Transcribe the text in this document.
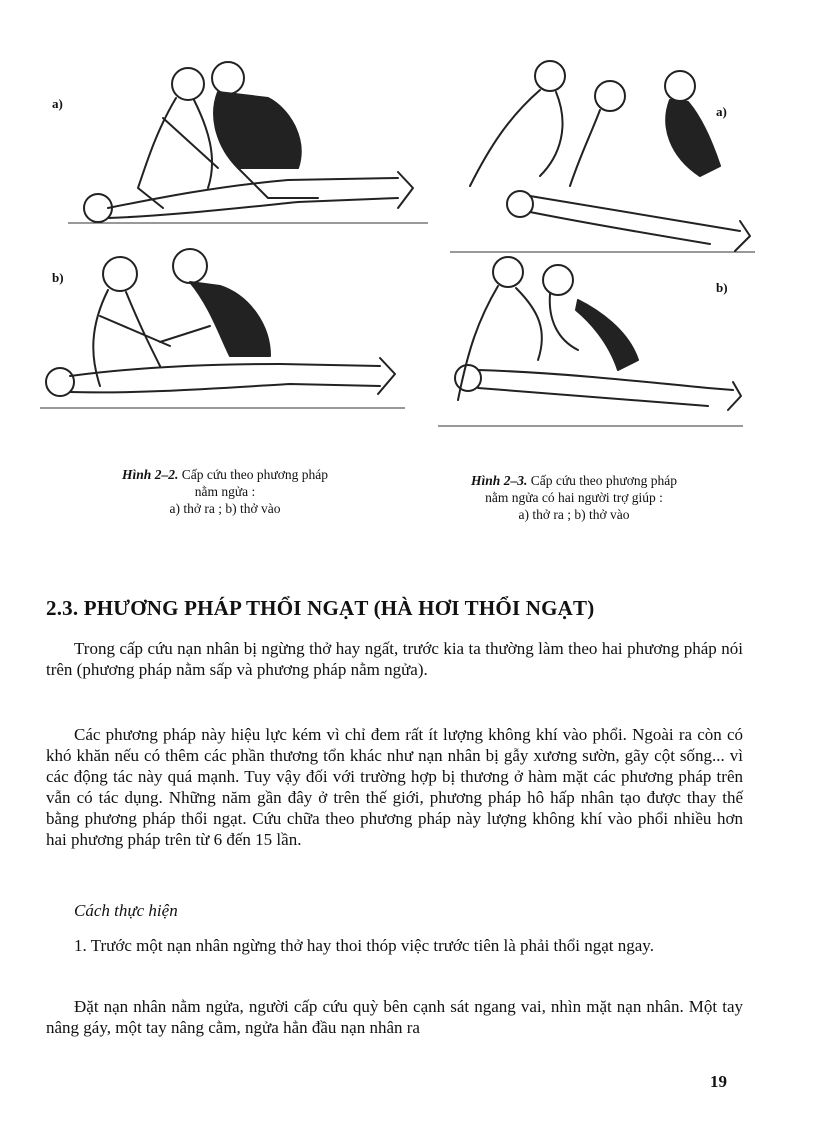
a)
b)
a)
b)
Hình 2–2. Cấp cứu theo phương pháp
nằm ngửa :
a) thở ra ; b) thở vào
Hình 2–3. Cấp cứu theo phương pháp
nằm ngửa có hai người trợ giúp :
a) thở ra ; b) thở vào
2.3. PHƯƠNG PHÁP THỔI NGẠT (HÀ HƠI THỔI NGẠT)

Trong cấp cứu nạn nhân bị ngừng thở hay ngất, trước kia ta thường làm theo hai phương pháp nói trên (phương pháp nằm sấp và phương pháp nằm ngửa).

Các phương pháp này hiệu lực kém vì chỉ đem rất ít lượng không khí vào phổi. Ngoài ra còn có khó khăn nếu có thêm các phần thương tổn khác như nạn nhân bị gẫy xương sườn, gãy cột sống... vì các động tác này quá mạnh. Tuy vậy đối với trường hợp bị thương ở hàm mặt các phương pháp trên vẫn có tác dụng. Những năm gần đây ở trên thế giới, phương pháp hô hấp nhân tạo được thay thế bằng phương pháp thổi ngạt. Cứu chữa theo phương pháp này lượng không khí vào phổi nhiều hơn hai phương pháp trên từ 6 đến 15 lần.

Cách thực hiện

1. Trước một nạn nhân ngừng thở hay thoi thóp việc trước tiên là phải thổi ngạt ngay.

Đặt nạn nhân nằm ngửa, người cấp cứu quỳ bên cạnh sát ngang vai, nhìn mặt nạn nhân. Một tay nâng gáy, một tay nâng cằm, ngửa hẳn đầu nạn nhân ra

19
